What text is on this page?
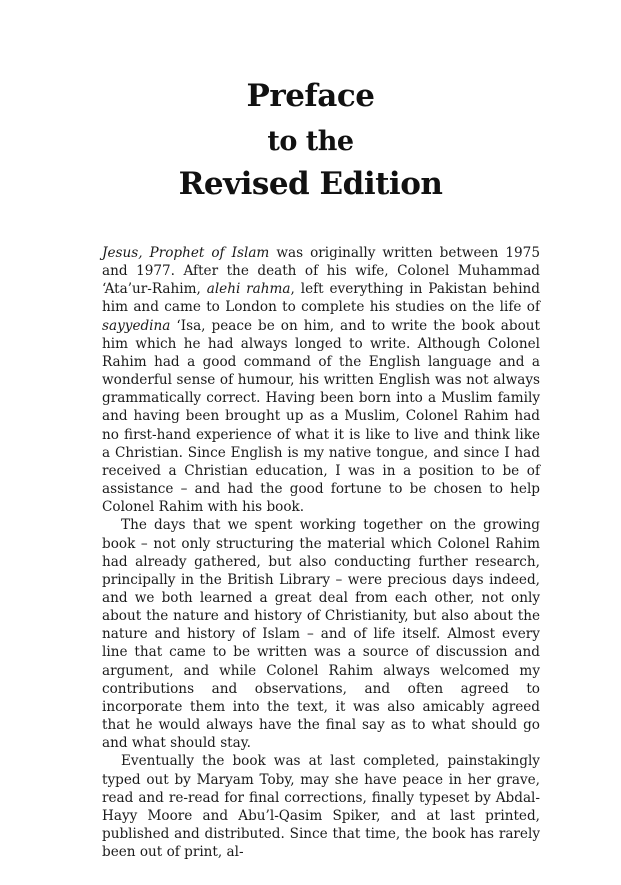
Preface
to the
Revised Edition

Jesus, Prophet of Islam was originally written between 1975 and 1977. After the death of his wife, Colonel Muhammad ‘Ata’ur-Rahim, alehi rahma, left everything in Pakistan behind him and came to London to complete his studies on the life of sayyedina ‘Isa, peace be on him, and to write the book about him which he had always longed to write. Although Colonel Rahim had a good command of the English language and a wonderful sense of humour, his written English was not always grammatically correct. Having been born into a Muslim family and having been brought up as a Muslim, Colonel Rahim had no first-hand experience of what it is like to live and think like a Christian. Since English is my native tongue, and since I had received a Christian education, I was in a position to be of assistance – and had the good fortune to be chosen to help Colonel Rahim with his book.

The days that we spent working together on the growing book – not only structuring the material which Colonel Rahim had already gathered, but also conducting further research, principally in the British Library – were precious days indeed, and we both learned a great deal from each other, not only about the nature and history of Christianity, but also about the nature and history of Islam – and of life itself. Almost every line that came to be written was a source of discussion and argument, and while Colonel Rahim always welcomed my contributions and observations, and often agreed to incorporate them into the text, it was also amicably agreed that he would always have the final say as to what should go and what should stay.

Eventually the book was at last completed, painstakingly typed out by Maryam Toby, may she have peace in her grave, read and re-read for final corrections, finally typeset by Abdal-Hayy Moore and Abu’l-Qasim Spiker, and at last printed, published and distributed. Since that time, the book has rarely been out of print, al-
